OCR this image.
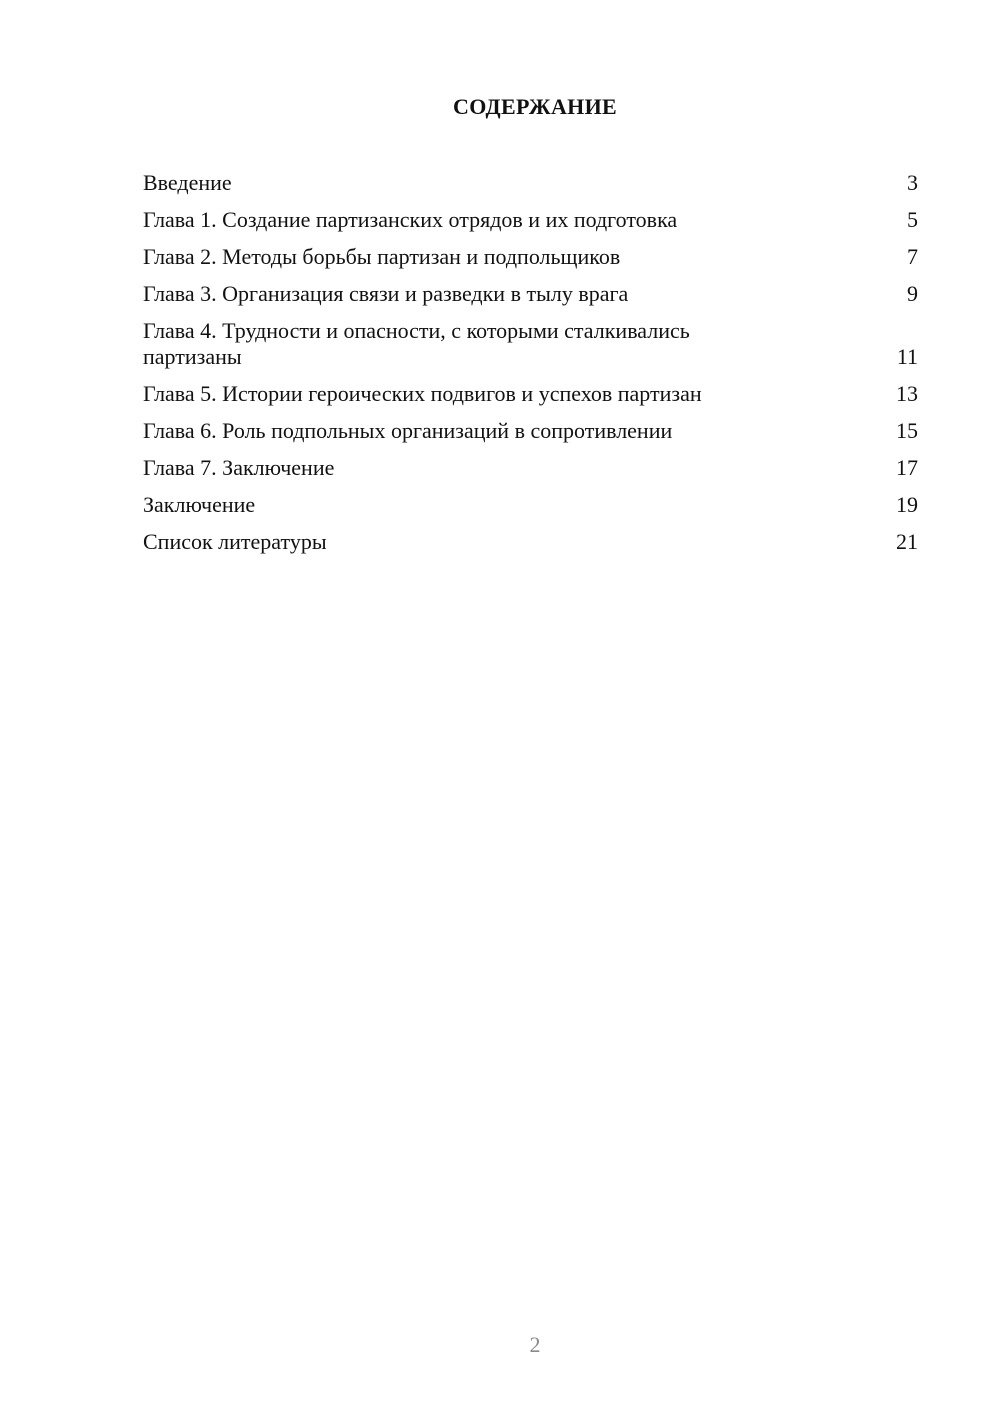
СОДЕРЖАНИЕ
Введение	3
Глава 1. Создание партизанских отрядов и их подготовка	5
Глава 2. Методы борьбы партизан и подпольщиков	7
Глава 3. Организация связи и разведки в тылу врага	9
Глава 4. Трудности и опасности, с которыми сталкивались партизаны	11
Глава 5. Истории героических подвигов и успехов партизан	13
Глава 6. Роль подпольных организаций в сопротивлении	15
Глава 7. Заключение	17
Заключение	19
Список литературы	21
2
